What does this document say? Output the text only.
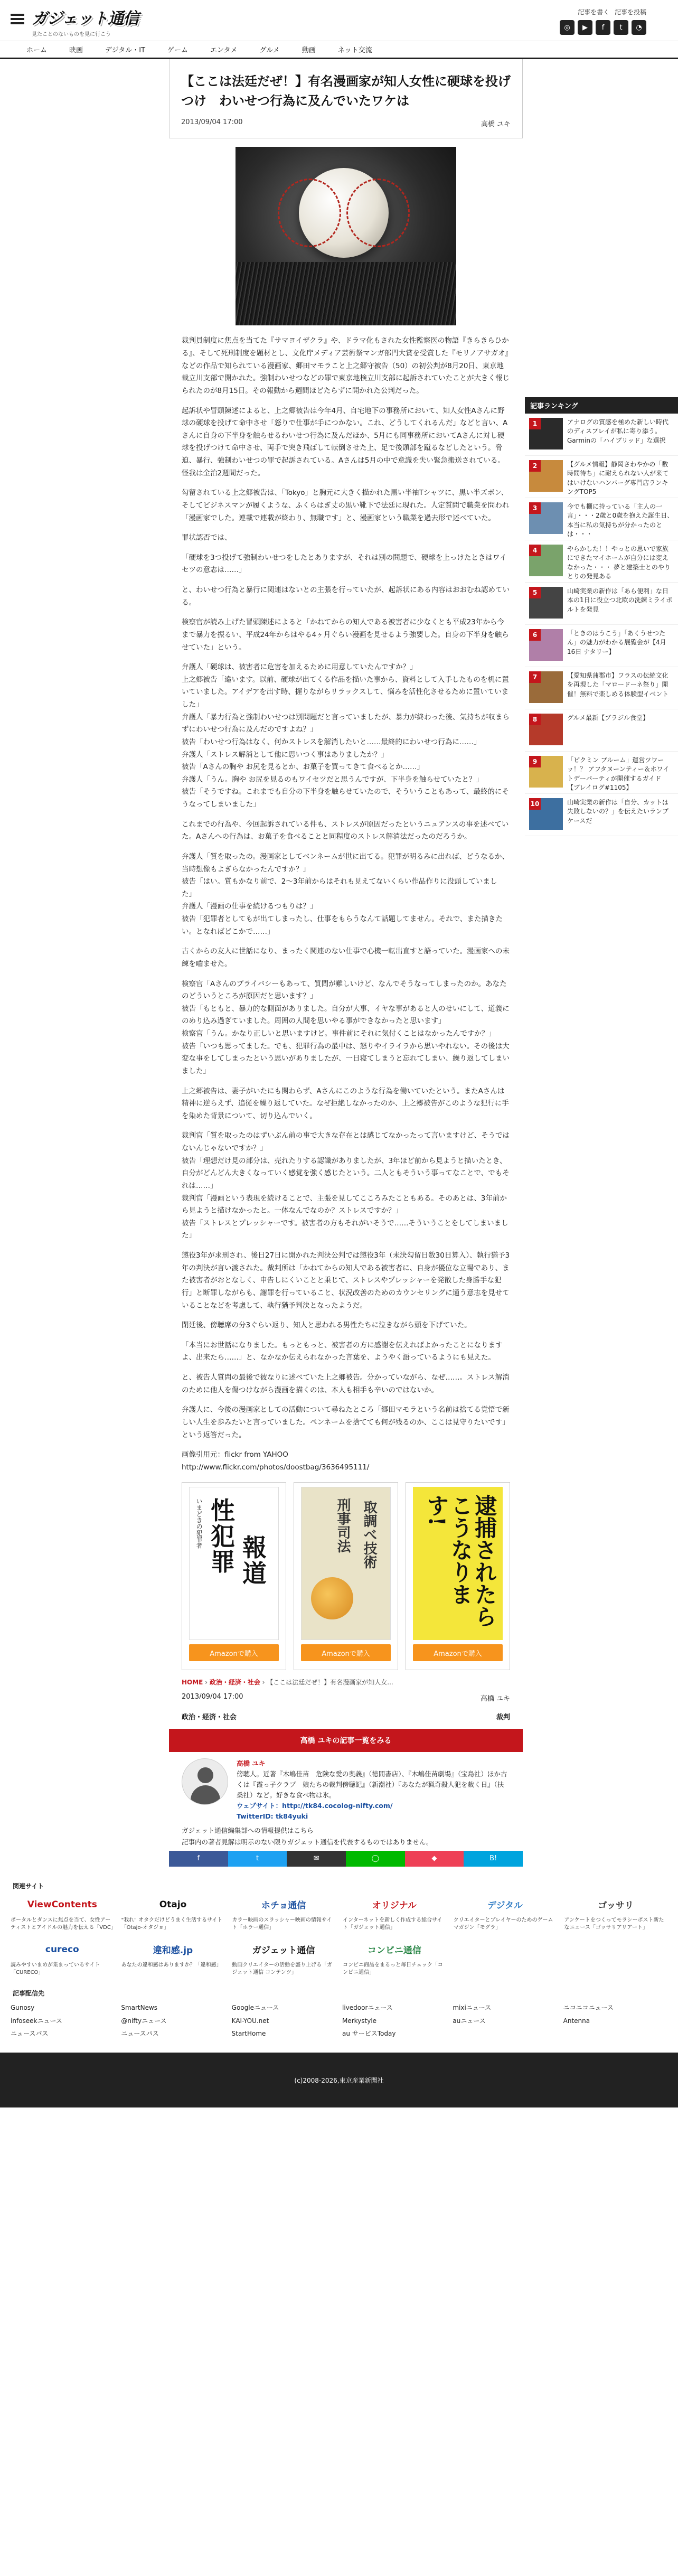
ガジェット通信
見たことのないものを見に行こう
記事を書く 記事を投稿
◎	▶	f	t	◔
ホーム	映画	デジタル・IT	ゲーム	エンタメ	グルメ	動画	ネット交流
【ここは法廷だぜ！】有名漫画家が知人女性に硬球を投げつけ　わいせつ行為に及んでいたワケは
2013/09/04 17:00	高橋 ユキ

裁判員制度に焦点を当てた『サマヨイザクラ』や、ドラマ化もされた女性監察医の物語『きらきらひかる』、そして死刑制度を題材とし、文化庁メディア芸術祭マンガ部門大賞を受賞した『モリノアサガオ』などの作品で知られている漫画家、郷田マモラこと上之郷守被告（50）の初公判が8月20日、東京地裁立川支部で開かれた。強制わいせつなどの罪で東京地検立川支部に起訴されていたことが大きく報じられたのが8月15日。その報動から週間ほどたらずに開かれた公判だった。

起訴状や冒頭陳述によると、上之郷被告は今年4月、自宅地下の事務所において、知人女性Aさんに野球の硬球を投げて命中させ「怒りで仕事が手につかない。これ、どうしてくれるんだ」などと言い、Aさんに自身の下半身を触らせるわいせつ行為に及んだほか、5月にも同事務所においてAさんに対し硬球を投げつけて命中させ、両手で突き飛ばして転倒させた上、足で後頭部を蹴るなどしたという。脅迫、暴行、強制わいせつの罪で起訴されている。Aさんは5月の中で意識を失い緊急搬送されている。怪我は全治2週間だった。

勾留されている上之郷被告は、「Tokyo」と胸元に大きく描かれた黒い半袖Tシャツに、黒い半ズボン、そしてビジネスマンが履くような、ふくらはぎ丈の黒い靴下で法廷に現れた。人定質問で職業を問われ「漫画家でした。連載で連載が終わり、無職です」と、漫画家という職業を過去形で述べていた。

罪状認否では、

「硬球を3つ投げて強制わいせつをしたとありますが、それは別の問題で、硬球を上っけたときはワイセツの意志は……」

と、わいせつ行為と暴行に関連はないとの主張を行っていたが、起訴状にある内容はおおむね認めている。

検察官が読み上げた冒頭陳述によると「かねてからの知人である被害者に少なくとも平成23年から今まで暴力を振るい、平成24年からはやる4ヶ月ぐらい漫画を見せるよう強要した。自身の下半身を触らせていた」という。

弁護人「硬球は、被害者に危害を加えるために用意していたんですか？」
上之郷被告「違います。以前、硬球が出てくる作品を描いた事から、資料として入手したものを机に置いていました。アイデアを出す時、握りながらリラックスして、悩みを活性化させるために置いていました」
弁護人「暴力行為と強制わいせつは別問題だと言っていましたが、暴力が終わった後、気持ちが収まらずにわいせつ行為に及んだのですよね？」
被告「わいせつ行為はなく、何かストレスを解消したいと……最終的にわいせつ行為に……」
弁護人「ストレス解消として他に思いつく事はありましたか？」
被告「Aさんの胸や お尻を見るとか、お菓子を買ってきて食べるとか……」
弁護人「うん。胸や お尻を見るのもワイセツだと思うんですが、下半身を触らせていたと？」
被告「そうですね。これまでも自分の下半身を触らせていたので、そういうこともあって、最終的にそうなってしまいました」

これまでの行為や、今回起訴されている件も、ストレスが原因だったというニュアンスの事を述べていた。Aさんへの行為は、お菓子を食べることと同程度のストレス解消法だったのだろうか。

弁護人「質を取ったの。漫画家としてベンネームが世に出てる。犯罪が明るみに出れば、どうなるか、当時想像もよぎらなかったんですか？」
被告「はい。質もかなり前で、2〜3年前からはそれも見えてないくらい作品作りに没頭していました」
弁護人「漫画の仕事を続けるつもりは？」
被告「犯罪者としてもが出てしまったし、仕事をもらうなんて話題してません。それで、また描きたい。となればどこかで……」

古くからの友人に世話になり、まったく関連のない仕事で心機一転出直すと語っていた。漫画家への未練を嚙ませた。

検察官「Aさんのプライバシーもあって、質問が難しいけど、なんでそうなってしまったのか。あなたのどういうところが原因だと思います？」
被告「もともと、暴力的な側面がありました。自分が大事、イヤな事があると人のせいにして、道義にのめり込み過ぎていました。周囲の人間を思いやる事ができなかったと思います」
検察官「うん。かなり正しいと思いますけど。事件前にそれに気付くことはなかったんですか？」
被告「いつも思ってました。でも、犯罪行為の最中は、怒りやイライラから思いやれない。その後は大変な事をしてしまったという思いがありましたが、一日寝てしまうと忘れてしまい、繰り返してしまいました」

上之郷被告は、妻子がいたにも関わらず、Aさんにこのような行為を働いていたという。またAさんは精神に逆らえず、追従を繰り返していた。なぜ拒絶しなかったのか、上之郷被告がこのような犯行に手を染めた背景について、切り込んでいく。

裁判官「質を取ったのはずいぶん前の事で大きな存在とは感じてなかったって言いますけど、そうではないんじゃないですか？」
被告「理想だけ見の部分は、売れたりする認識がありましたが、3年ほど前から見ようと描いたとき、自分がどんどん大きくなっていく感覚を強く感じたという。二人ともそういう事ってなことで、でもそれは……」
裁判官「漫画という表現を続けることで、主張を見してこころみたこともある。そのあとは、3年前から見ようと描けなかったと。一体なんでなのか？ストレスですか？」
被告「ストレスとプレッシャーです。被害者の方もそれがいそうで……そういうことをしてしまいました」

懲役3年が求刑され、後日27日に開かれた判決公判では懲役3年（未決勾留日数30日算入）、執行猶予3年の判決が言い渡された。裁判所は「かねてからの知人である被害者に、自身が優位な立場であり、また被害者がおとなしく、申告しにくいことと乗じて、ストレスやプレッシャーを発散した身勝手な犯行」と断罪しながらも、謝罪を行っていること、状況改善のためのカウンセリングに通う意志を見せていることなどを考慮して、執行猶予判決となったようだ。

閉廷後、傍聴席の分3ぐらい返り、知人と思われる男性たちに泣きながら頭を下げていた。

「本当にお世話になりました。もっともっと、被害者の方に感謝を伝えればよかったことになりますよ、出来たら……」と、なかなか伝えられなかった言葉を、ようやく語っているようにも見えた。

と、被告人質問の最後で彼なりに述べていた上之郷被告。分かっていながら、なぜ……。ストレス解消のために他人を傷つけながら漫画を描くのは、本人も相手も辛いのではないか。

弁護人に、今後の漫画家としての活動について尋ねたところ「郷田マモラという名前は捨てる覚悟で新しい人生を歩みたいと言っていました。ペンネームを捨てても何が残るのか、ここは見守りたいです」という返答だった。

画像引用元：flickr from YAHOO
http://www.flickr.com/photos/doostbag/3636495111/

いまどきの犯罪者 性
犯
罪 報
道
Amazonで購入
刑事司法 取調べ技術
Amazonで購入
逮捕されたらこうなります!
Amazonで購入
HOME › 政治・経済・社会 › 【ここは法廷だぜ！】有名漫画家が知人女...
2013/09/04 17:00	高橋 ユキ
政治・経済・社会	裁判
高橋 ユキの記事一覧をみる
高橋 ユキ
傍聴人。近著『木嶋佳苗　危険な愛の奥義』（徳間書店）、『木嶋佳苗劇場』（宝島社）ほか古くは『霞っ子クラブ　娘たちの裁判傍聴記』（新潮社）『あなたが猟奇殺人犯を裁く日』（扶桑社）など。好きな食べ物は氷。
ウェブサイト：http://tk84.cocolog-nifty.com/
TwitterID: tk84yuki
ガジェット通信編集部への情報提供はこちら
記事内の著者見解は明示のない限りガジェット通信を代表するものではありません。
f	t	✉	◯	◆	B!
記事ランキング
1	アナログの質感を極めた新しい時代のディスプレイが私に寄り添う。Garminの「ハイブリッド」な選択
2	【グルメ情報】静岡さわやかの「数時間待ち」に耐えられない人が来てはいけないハンバーグ専門店ランキングTOP5
3	今でも棚に持っている「主人の一言」・・・2歳と0歳を抱えた誕生日、本当に私の気持ちが分かったのとは・・・
4	やらかした！！やっとの思いで家族にできたマイホームが自分には変えなかった・・・ 夢と建築士とのやりとりの発見ある
5	山崎実業の新作は「あら便利」な日本の1日に役立つ北欧の洗練ミライボルトを発見
6	「ときのはうこう」「あくうせつたん」の魅力がわかる展覧会が【4月16日 ナタリー】
7	【愛知県蒲郡市】フラスの伝統文化を再現した「マロードーネ祭り」開催！無料で楽しめる体験型イベント
8	グルメ最新【ブラジル食堂】
9	「ピクミン ブルーム」運営ツワーッ！？ アフタヌーンティー＆ホワイトデーパーティが開催するガイド【ブレイログ#1105】
10	山崎実業の新作は「自分、カットは失敗しないの？」を伝えたいランプケースだ
関連サイト
ViewContents
ポータルとダンスに焦点を当て、女性アーティストとアイドルの魅力を伝える「VDC」
Otajo
"我れ" オタクだけどうまく生活するサイト「Otajo-オタジョ」
ホチョ通信
カラー映画のスラッシャー映画の情報サイト「ホラー通信」
オリジナル
インターネットを新しく作成する総合サイト「ガジェット通信」
デジタル
クリエイターとプレイヤーのためのゲームマガジン「モグラ」
ゴッサリ
アンケートをつくってモラシーポスト新たなニュース「ゴッサリアリアート」
cureco
読みやすいまめが集まっているサイト「CURECO」
違和感.jp
あなたの違和感はありますか？「違和感」
ガジェット通信
動画クリエイターの活動を盛り上げる「ガジェット通信 コンテンツ」
コンビニ通信
コンビニ商品をまるっと毎日チェック「コンビニ通信」
記事配信先
Gunosy	SmartNews	Googleニュース	livedoorニュース	mixiニュース	ニコニコニュース
infoseekニュース	@niftyニュース	KAI-YOU.net	Merkystyle	auニュース	Antenna
ニュースパス	ニュースパス	StartHome	au サービスToday
(c)2008-2026,東京産業新聞社
